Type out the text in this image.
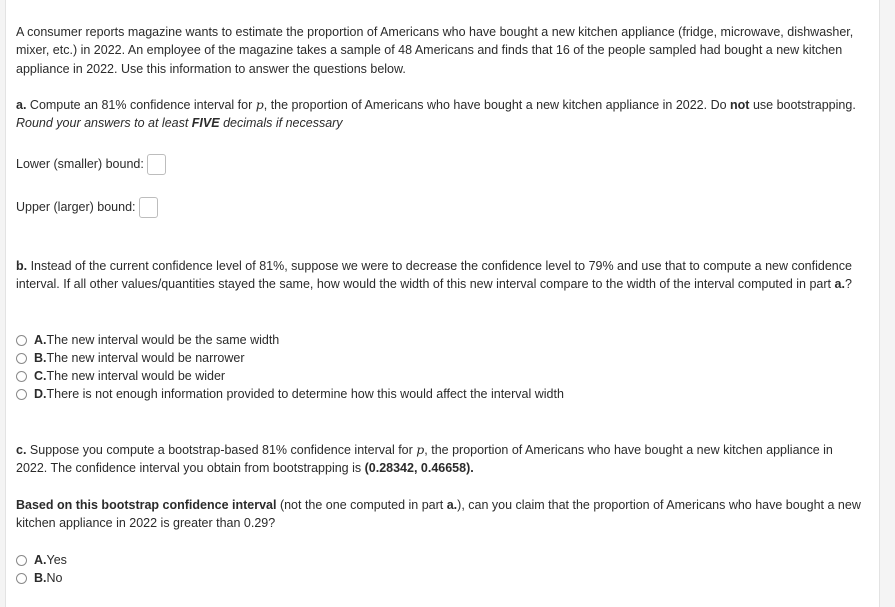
A consumer reports magazine wants to estimate the proportion of Americans who have bought a new kitchen appliance (fridge, microwave, dishwasher, mixer, etc.) in 2022. An employee of the magazine takes a sample of 48 Americans and finds that 16 of the people sampled had bought a new kitchen appliance in 2022. Use this information to answer the questions below.
a. Compute an 81% confidence interval for p, the proportion of Americans who have bought a new kitchen appliance in 2022. Do not use bootstrapping. Round your answers to at least FIVE decimals if necessary
Lower (smaller) bound:
Upper (larger) bound:
b. Instead of the current confidence level of 81%, suppose we were to decrease the confidence level to 79% and use that to compute a new confidence interval. If all other values/quantities stayed the same, how would the width of this new interval compare to the width of the interval computed in part a.?
A. The new interval would be the same width
B. The new interval would be narrower
C. The new interval would be wider
D. There is not enough information provided to determine how this would affect the interval width
c. Suppose you compute a bootstrap-based 81% confidence interval for p, the proportion of Americans who have bought a new kitchen appliance in 2022. The confidence interval you obtain from bootstrapping is (0.28342, 0.46658).
Based on this bootstrap confidence interval (not the one computed in part a.), can you claim that the proportion of Americans who have bought a new kitchen appliance in 2022 is greater than 0.29?
A. Yes
B. No
